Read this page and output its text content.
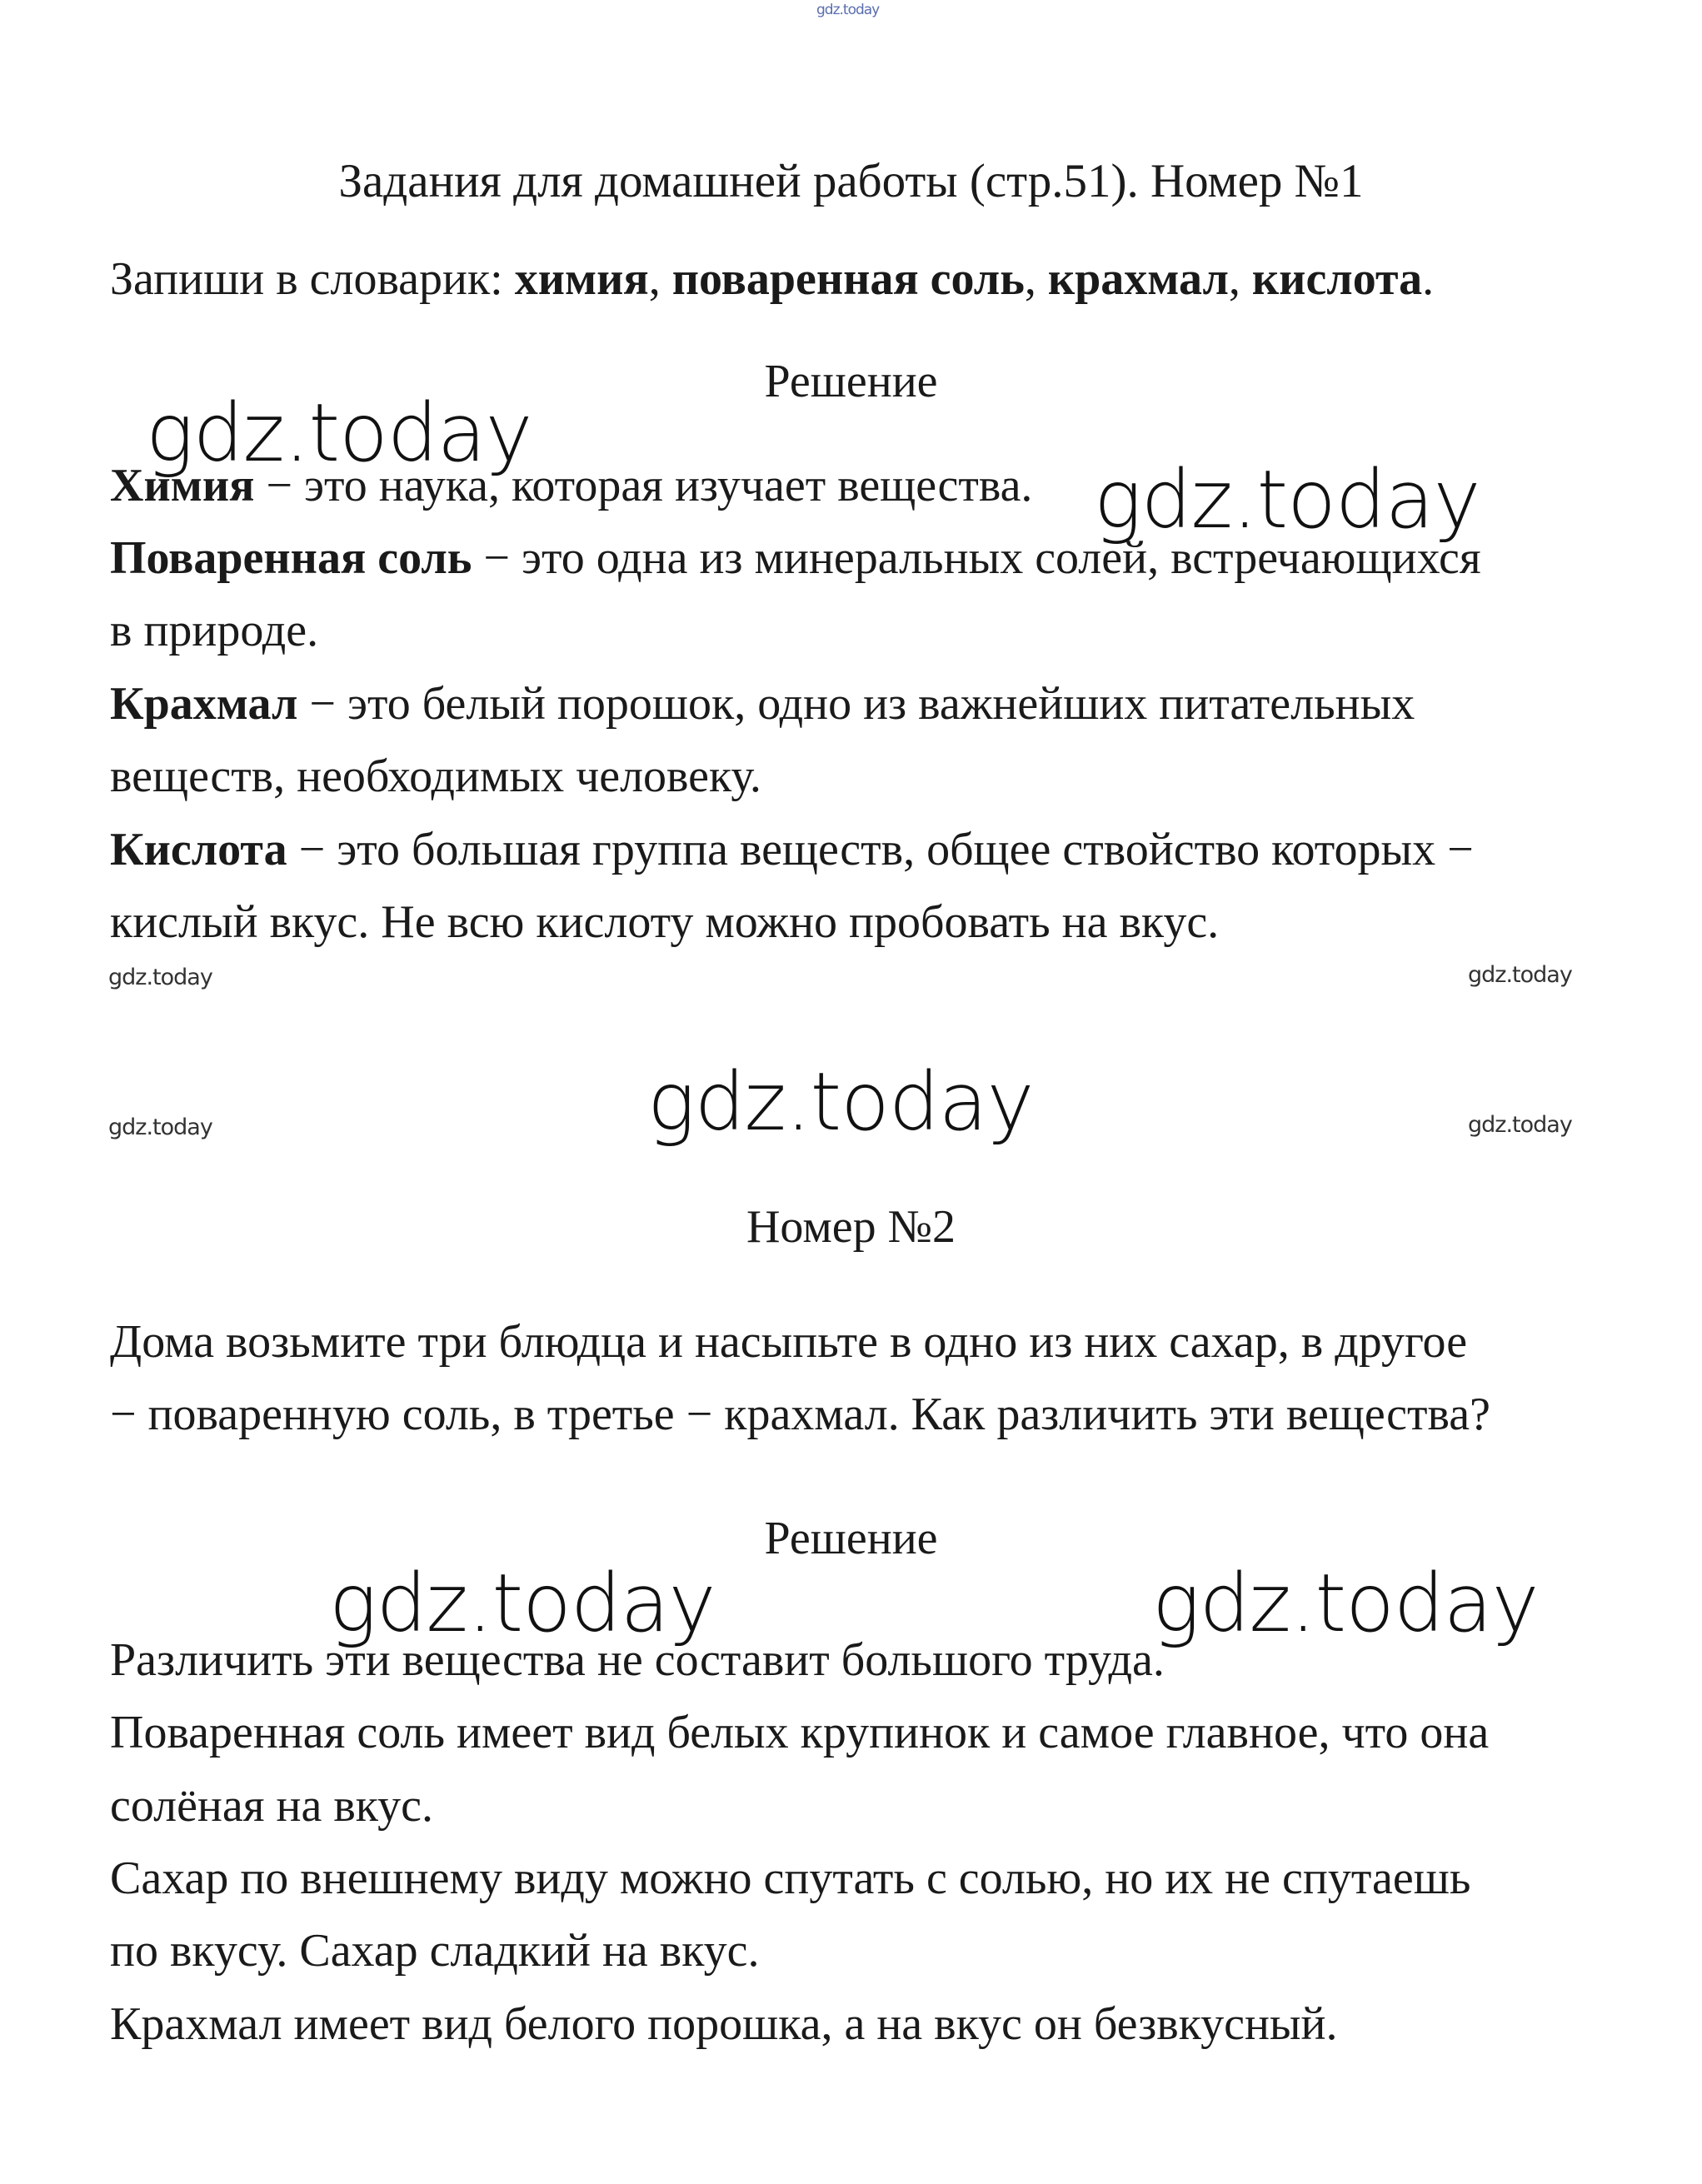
gdz.today
Задания для домашней работы (стр.51). Номер №1
Запиши в словарик: химия, поваренная соль, крахмал, кислота.
Решение
gdz.today
Химия − это наука, которая изучает вещества. gdz.today
Поваренная соль − это одна из минеральных солей, встречающихся
в природе.
Крахмал − это белый порошок, одно из важнейших питательных
веществ, необходимых человеку.
Кислота − это большая группа веществ, общее ствойство которых −
кислый вкус. Не всю кислоту можно пробовать на вкус.
gdz.today	gdz.today
gdz.today
gdz.today	gdz.today
Номер №2
Дома возьмите три блюдца и насыпьте в одно из них сахар, в другое
− поваренную соль, в третье − крахмал. Как различить эти вещества?
Решение
gdz.today	gdz.today
Различить эти вещества не составит большого труда.
Поваренная соль имеет вид белых крупинок и самое главное, что она
солёная на вкус.
Сахар по внешнему виду можно спутать с солью, но их не спутаешь
по вкусу. Сахар сладкий на вкус.
Крахмал имеет вид белого порошка, а на вкус он безвкусный.
